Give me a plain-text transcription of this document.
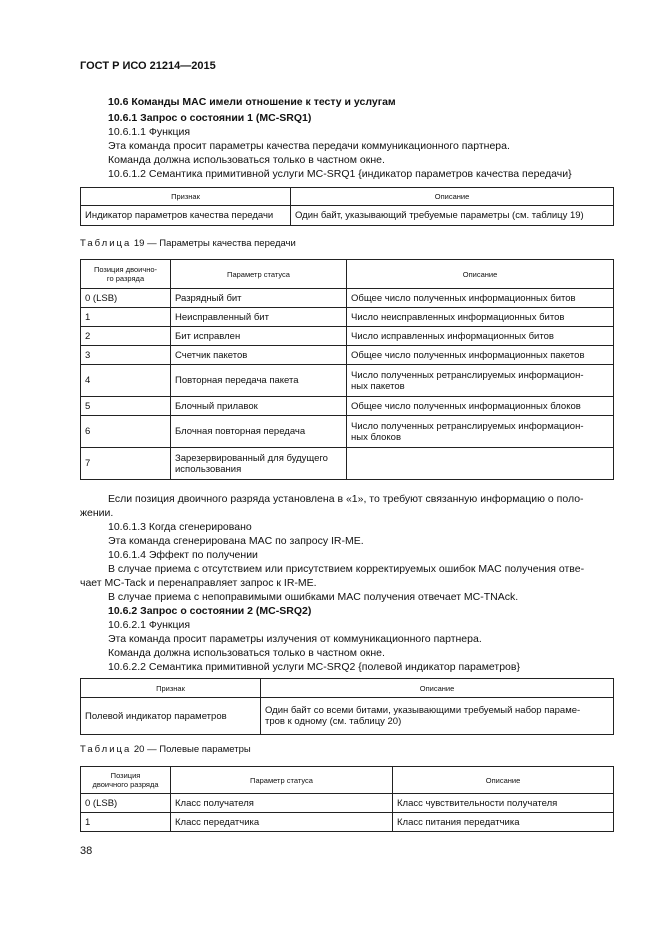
ГОСТ Р ИСО 21214—2015
10.6 Команды MAC имели отношение к тесту и услугам
10.6.1 Запрос о состоянии 1 (MC-SRQ1)
10.6.1.1 Функция
Эта команда просит параметры качества передачи коммуникационного партнера.
Команда должна использоваться только в частном окне.
10.6.1.2 Семантика примитивной услуги MC-SRQ1 {индикатор параметров качества передачи}
Признак	Описание
Индикатор параметров качества передачи	Один байт, указывающий требуемые параметры (см. таблицу 19)
Таблица 19 — Параметры качества передачи
Позиция двоично-
го разряда	Параметр статуса	Описание
0 (LSB)	Разрядный бит	Общее число полученных информационных битов
1	Неисправленный бит	Число неисправленных информационных битов
2	Бит исправлен	Число исправленных информационных битов
3	Счетчик пакетов	Общее число полученных информационных пакетов
4	Повторная передача пакета	Число полученных ретранслируемых информацион-
ных пакетов
5	Блочный прилавок	Общее число полученных информационных блоков
6	Блочная повторная передача	Число полученных ретранслируемых информацион-
ных блоков
7	Зарезервированный для будущего
использования	
Если позиция двоичного разряда установлена в «1», то требуют связанную информацию о поло-
жении.
10.6.1.3 Когда сгенерировано
Эта команда сгенерирована MAC по запросу IR-ME.
10.6.1.4 Эффект по получении
В случае приема с отсутствием или присутствием корректируемых ошибок MAC получения отве-
чает MC-Tack и перенаправляет запрос к IR-ME.
В случае приема с непоправимыми ошибками MAC получения отвечает MC-TNAck.
10.6.2 Запрос о состоянии 2 (MC-SRQ2)
10.6.2.1 Функция
Эта команда просит параметры излучения от коммуникационного партнера.
Команда должна использоваться только в частном окне.
10.6.2.2 Семантика примитивной услуги MC-SRQ2 {полевой индикатор параметров}
Признак	Описание
Полевой индикатор параметров	Один байт со всеми битами, указывающими требуемый набор параме-
тров к одному (см. таблицу 20)
Таблица 20 — Полевые параметры
Позиция
двоичного разряда	Параметр статуса	Описание
0 (LSB)	Класс получателя	Класс чувствительности получателя
1	Класс передатчика	Класс питания передатчика
38
